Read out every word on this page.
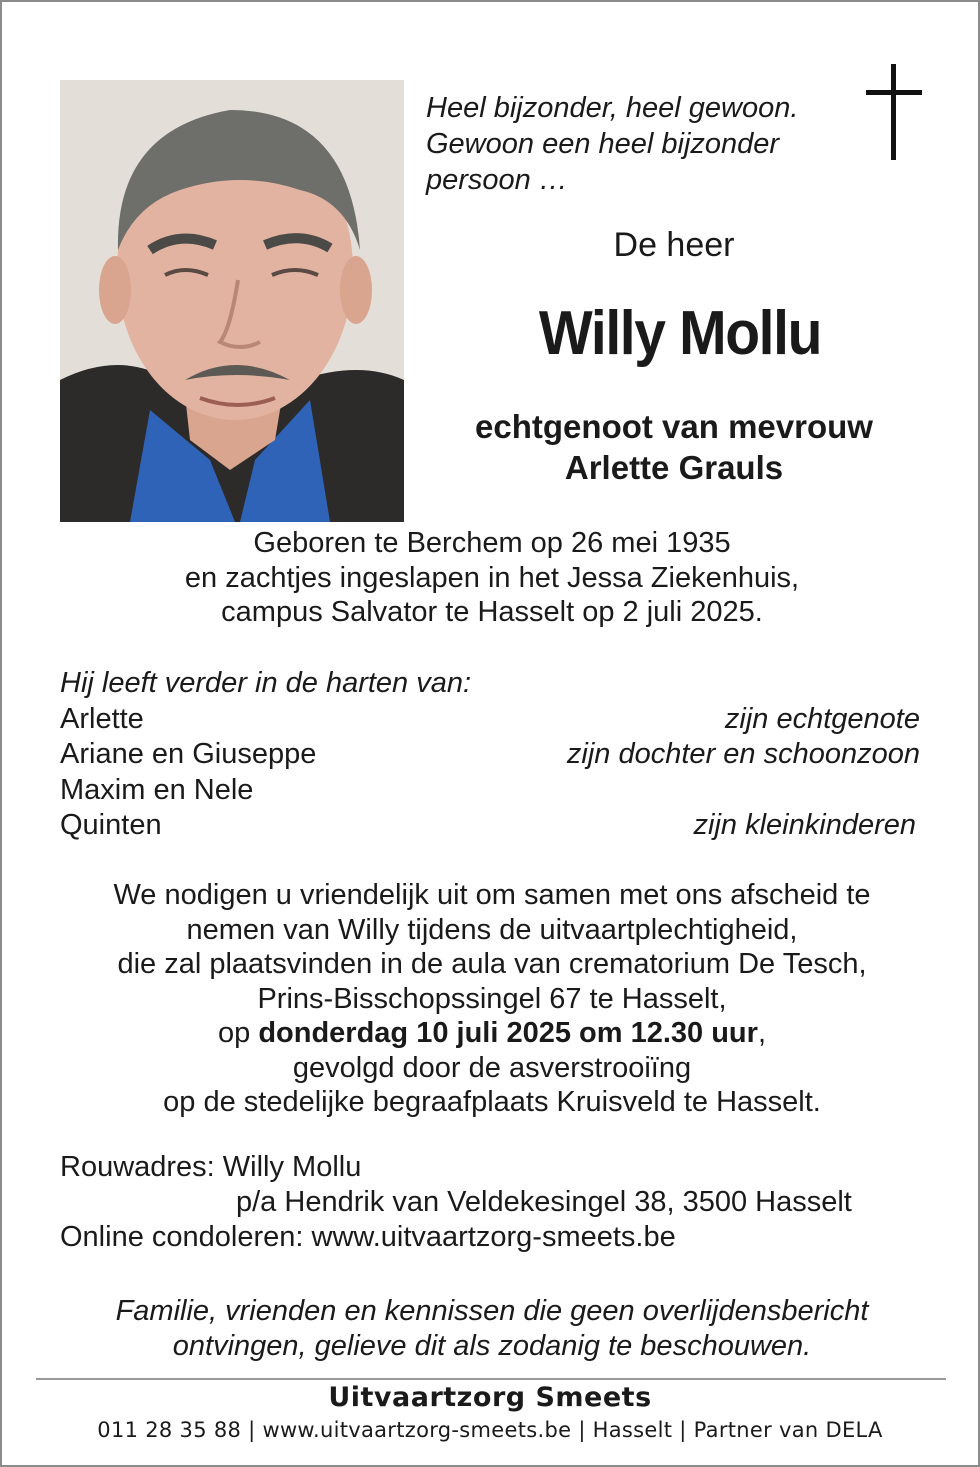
Heel bijzonder, heel gewoon.
Gewoon een heel bijzonder
persoon …
De heer
Willy Mollu
echtgenoot van mevrouw
Arlette Grauls
Geboren te Berchem op 26 mei 1935
en zachtjes ingeslapen in het Jessa Ziekenhuis,
campus Salvator te Hasselt op 2 juli 2025.
Hij leeft verder in de harten van:
Arlette	zijn echtgenote
Ariane en Giuseppe	zijn dochter en schoonzoon
Maxim en Nele
Quinten	zijn kleinkinderen
We nodigen u vriendelijk uit om samen met ons afscheid te
nemen van Willy tijdens de uitvaartplechtigheid,
die zal plaatsvinden in de aula van crematorium De Tesch,
Prins-Bisschopssingel 67 te Hasselt,
op donderdag 10 juli 2025 om 12.30 uur,
gevolgd door de asverstrooiïng
op de stedelijke begraafplaats Kruisveld te Hasselt.
Rouwadres: Willy Mollu
p/a Hendrik van Veldekesingel 38, 3500 Hasselt
Online condoleren: www.uitvaartzorg-smeets.be
Familie, vrienden en kennissen die geen overlijdensbericht
ontvingen, gelieve dit als zodanig te beschouwen.
Uitvaartzorg Smeets
011 28 35 88 | www.uitvaartzorg-smeets.be | Hasselt | Partner van DELA
